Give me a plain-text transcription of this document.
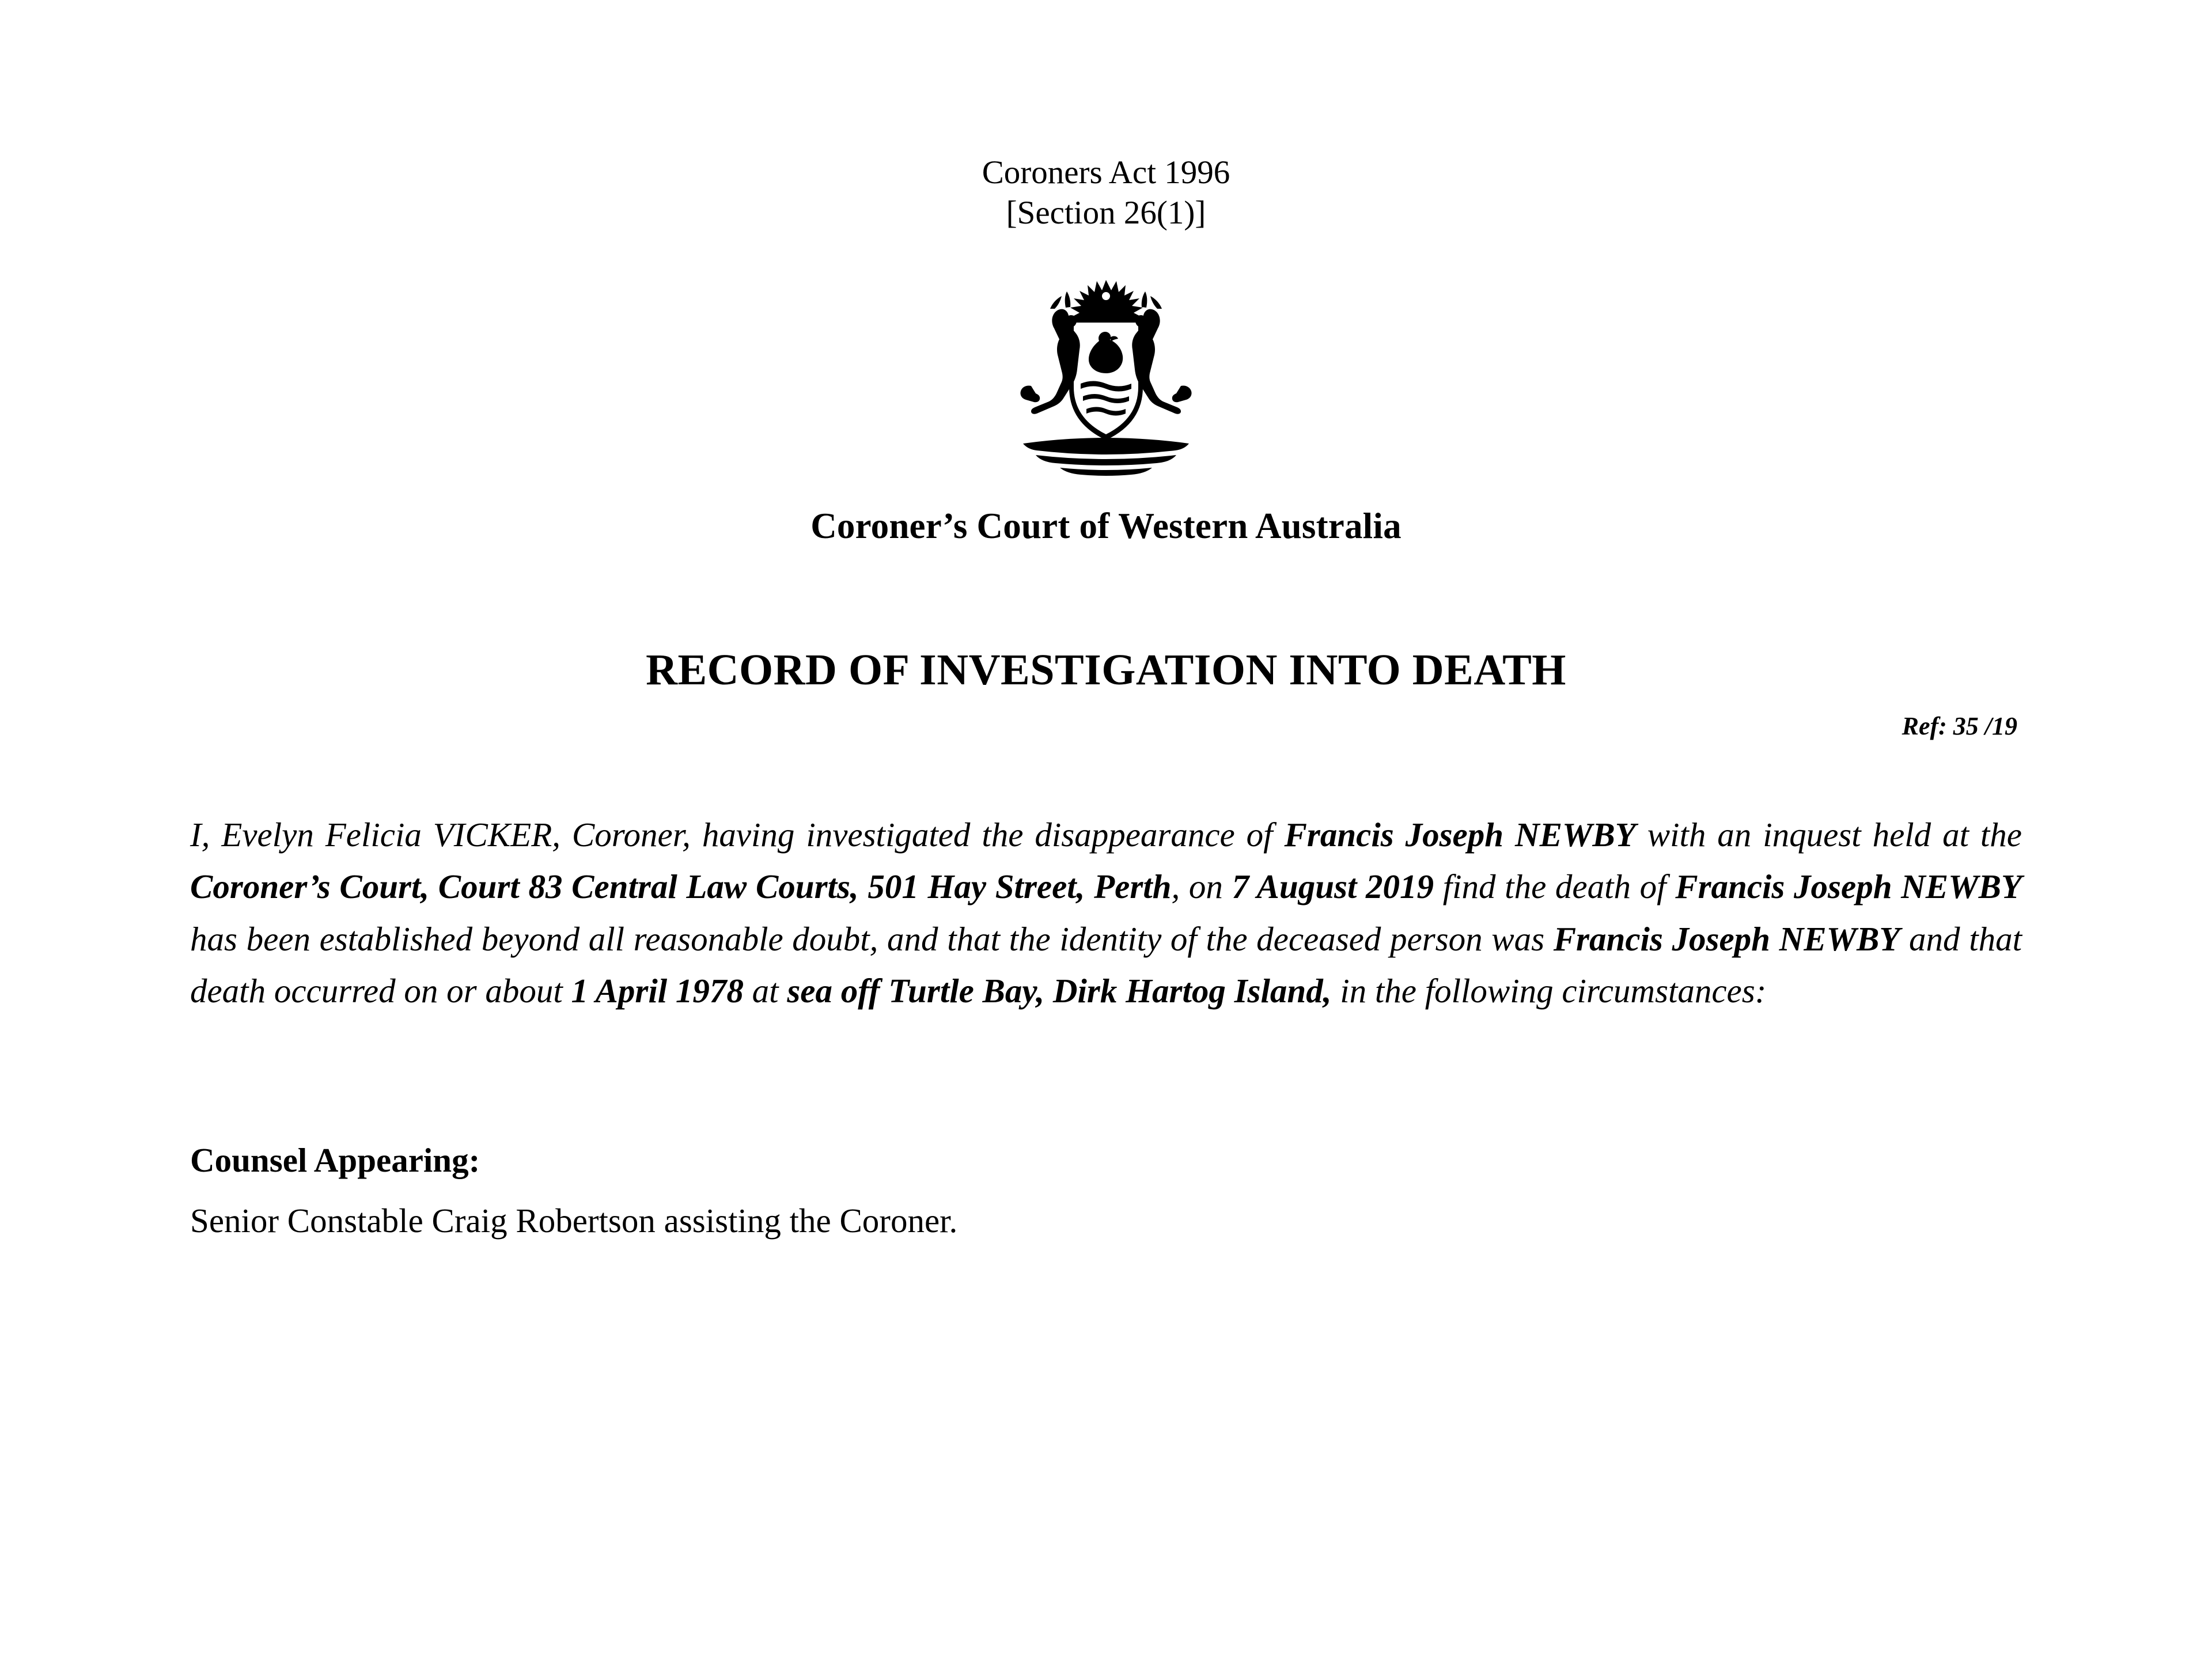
Coroners Act 1996
[Section 26(1)]
Coroner’s Court of Western Australia
RECORD OF INVESTIGATION INTO DEATH
Ref: 35 /19

I, Evelyn Felicia VICKER, Coroner, having investigated the disappearance of Francis Joseph NEWBY with an inquest held at the Coroner’s Court, Court 83 Central Law Courts, 501 Hay Street, Perth, on 7 August 2019 find the death of Francis Joseph NEWBY has been established beyond all reasonable doubt, and that the identity of the deceased person was Francis Joseph NEWBY and that death occurred on or about 1 April 1978 at sea off Turtle Bay, Dirk Hartog Island, in the following circumstances:

Counsel Appearing:
Senior Constable Craig Robertson assisting the Coroner.
